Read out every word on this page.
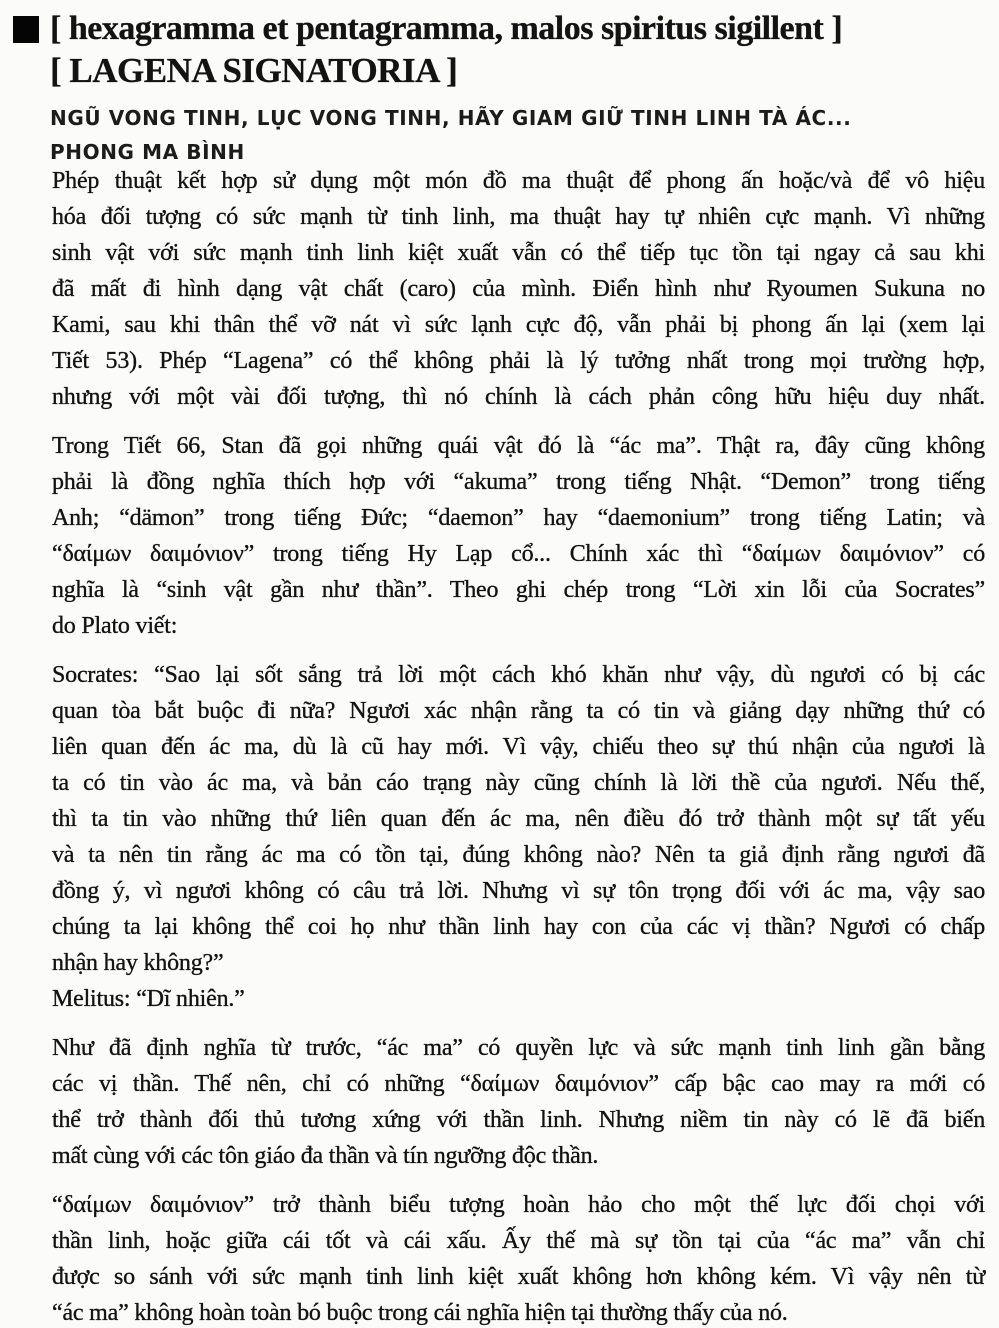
[ hexagramma et pentagramma, malos spiritus sigillent ]
[ LAGENA SIGNATORIA ]
NGŨ VONG TINH, LỤC VONG TINH, HÃY GIAM GIỮ TINH LINH TÀ ÁC...
PHONG MA BÌNH
Phép thuật kết hợp sử dụng một món đồ ma thuật để phong ấn hoặc/và để vô hiệu
hóa đối tượng có sức mạnh từ tinh linh, ma thuật hay tự nhiên cực mạnh. Vì những
sinh vật với sức mạnh tinh linh kiệt xuất vẫn có thể tiếp tục tồn tại ngay cả sau khi
đã mất đi hình dạng vật chất (caro) của mình. Điển hình như Ryoumen Sukuna no
Kami, sau khi thân thể vỡ nát vì sức lạnh cực độ, vẫn phải bị phong ấn lại (xem lại
Tiết 53). Phép “Lagena” có thể không phải là lý tưởng nhất trong mọi trường hợp,
nhưng với một vài đối tượng, thì nó chính là cách phản công hữu hiệu duy nhất.
Trong Tiết 66, Stan đã gọi những quái vật đó là “ác ma”. Thật ra, đây cũng không
phải là đồng nghĩa thích hợp với “akuma” trong tiếng Nhật. “Demon” trong tiếng
Anh; “dämon” trong tiếng Đức; “daemon” hay “daemonium” trong tiếng Latin; và
“δαίμων δαιμόνιον” trong tiếng Hy Lạp cổ... Chính xác thì “δαίμων δαιμόνιον” có
nghĩa là “sinh vật gần như thần”. Theo ghi chép trong “Lời xin lỗi của Socrates”
do Plato viết:
Socrates: “Sao lại sốt sắng trả lời một cách khó khăn như vậy, dù ngươi có bị các
quan tòa bắt buộc đi nữa? Ngươi xác nhận rằng ta có tin và giảng dạy những thứ có
liên quan đến ác ma, dù là cũ hay mới. Vì vậy, chiếu theo sự thú nhận của ngươi là
ta có tin vào ác ma, và bản cáo trạng này cũng chính là lời thề của ngươi. Nếu thế,
thì ta tin vào những thứ liên quan đến ác ma, nên điều đó trở thành một sự tất yếu
và ta nên tin rằng ác ma có tồn tại, đúng không nào? Nên ta giả định rằng ngươi đã
đồng ý, vì ngươi không có câu trả lời. Nhưng vì sự tôn trọng đối với ác ma, vậy sao
chúng ta lại không thể coi họ như thần linh hay con của các vị thần? Ngươi có chấp
nhận hay không?”
Melitus: “Dĩ nhiên.”
Như đã định nghĩa từ trước, “ác ma” có quyền lực và sức mạnh tinh linh gần bằng
các vị thần. Thế nên, chỉ có những “δαίμων δαιμόνιον” cấp bậc cao may ra mới có
thể trở thành đối thủ tương xứng với thần linh. Nhưng niềm tin này có lẽ đã biến
mất cùng với các tôn giáo đa thần và tín ngưỡng độc thần.
“δαίμων δαιμόνιον” trở thành biểu tượng hoàn hảo cho một thế lực đối chọi với
thần linh, hoặc giữa cái tốt và cái xấu. Ấy thế mà sự tồn tại của “ác ma” vẫn chỉ
được so sánh với sức mạnh tinh linh kiệt xuất không hơn không kém. Vì vậy nên từ
“ác ma” không hoàn toàn bó buộc trong cái nghĩa hiện tại thường thấy của nó.
